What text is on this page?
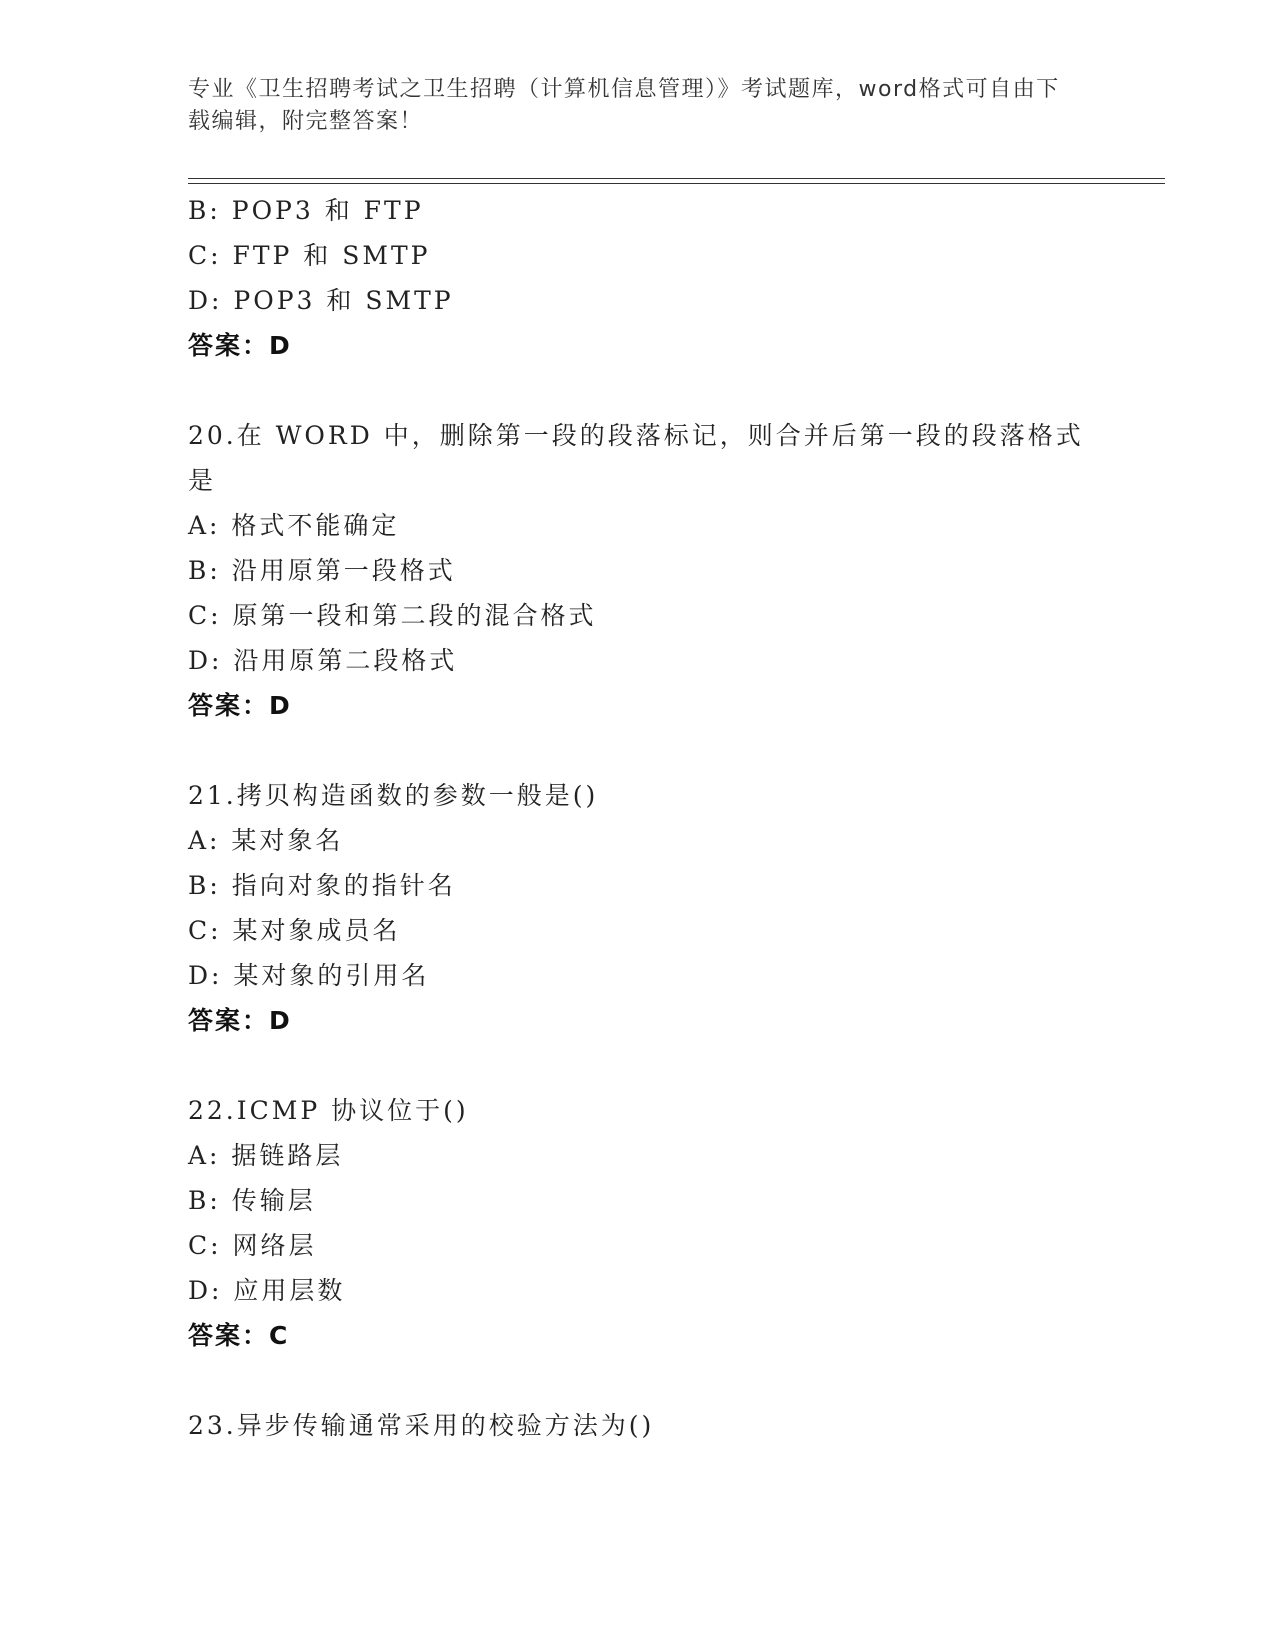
专业《卫生招聘考试之卫生招聘（计算机信息管理）》考试题库，word格式可自由下载编辑，附完整答案！
B: POP3 和 FTP
C: FTP 和 SMTP
D: POP3 和 SMTP
答案：D
20.在 WORD 中，删除第一段的段落标记，则合并后第一段的段落格式
是
A: 格式不能确定
B: 沿用原第一段格式
C: 原第一段和第二段的混合格式
D: 沿用原第二段格式
答案：D
21.拷贝构造函数的参数一般是()
A: 某对象名
B: 指向对象的指针名
C: 某对象成员名
D: 某对象的引用名
答案：D
22.ICMP 协议位于()
A: 据链路层
B: 传输层
C: 网络层
D: 应用层数
答案：C
23.异步传输通常采用的校验方法为()
